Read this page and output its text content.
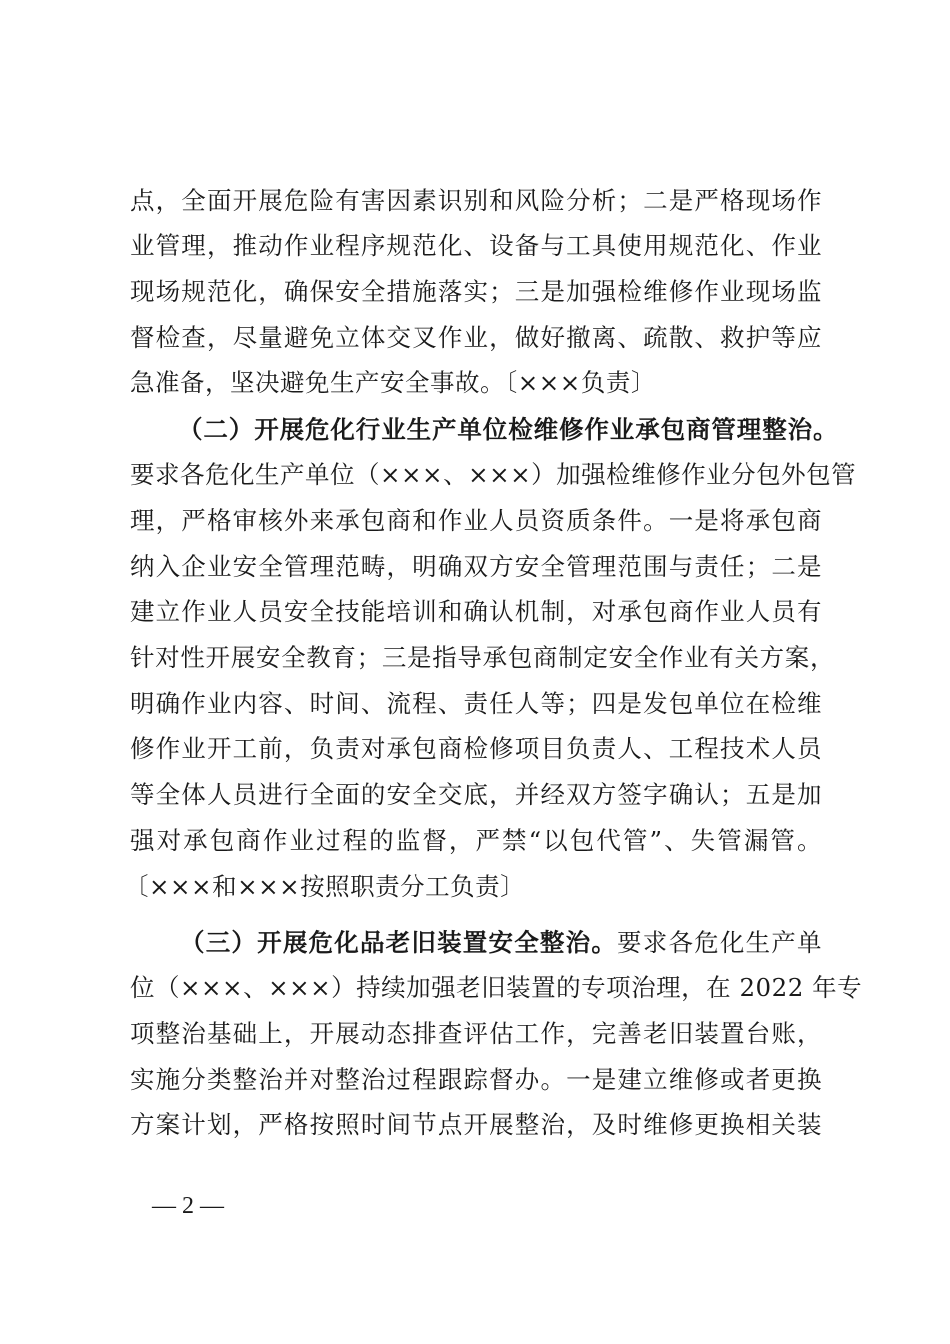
点，全面开展危险有害因素识别和风险分析；二是严格现场作
业管理，推动作业程序规范化、设备与工具使用规范化、作业
现场规范化，确保安全措施落实；三是加强检维修作业现场监
督检查，尽量避免立体交叉作业，做好撤离、疏散、救护等应
急准备，坚决避免生产安全事故。〔×××负责〕
（二）开展危化行业生产单位检维修作业承包商管理整治。
要求各危化生产单位（×××、×××）加强检维修作业分包外包管
理，严格审核外来承包商和作业人员资质条件。一是将承包商
纳入企业安全管理范畴，明确双方安全管理范围与责任；二是
建立作业人员安全技能培训和确认机制，对承包商作业人员有
针对性开展安全教育；三是指导承包商制定安全作业有关方案，
明确作业内容、时间、流程、责任人等；四是发包单位在检维
修作业开工前，负责对承包商检修项目负责人、工程技术人员
等全体人员进行全面的安全交底，并经双方签字确认；五是加
强对承包商作业过程的监督，严禁“以包代管”、失管漏管。
〔×××和×××按照职责分工负责〕
（三）开展危化品老旧装置安全整治。要求各危化生产单
位（×××、×××）持续加强老旧装置的专项治理，在 2022 年专
项整治基础上，开展动态排查评估工作，完善老旧装置台账，
实施分类整治并对整治过程跟踪督办。一是建立维修或者更换
方案计划，严格按照时间节点开展整治，及时维修更换相关装
— 2 —
